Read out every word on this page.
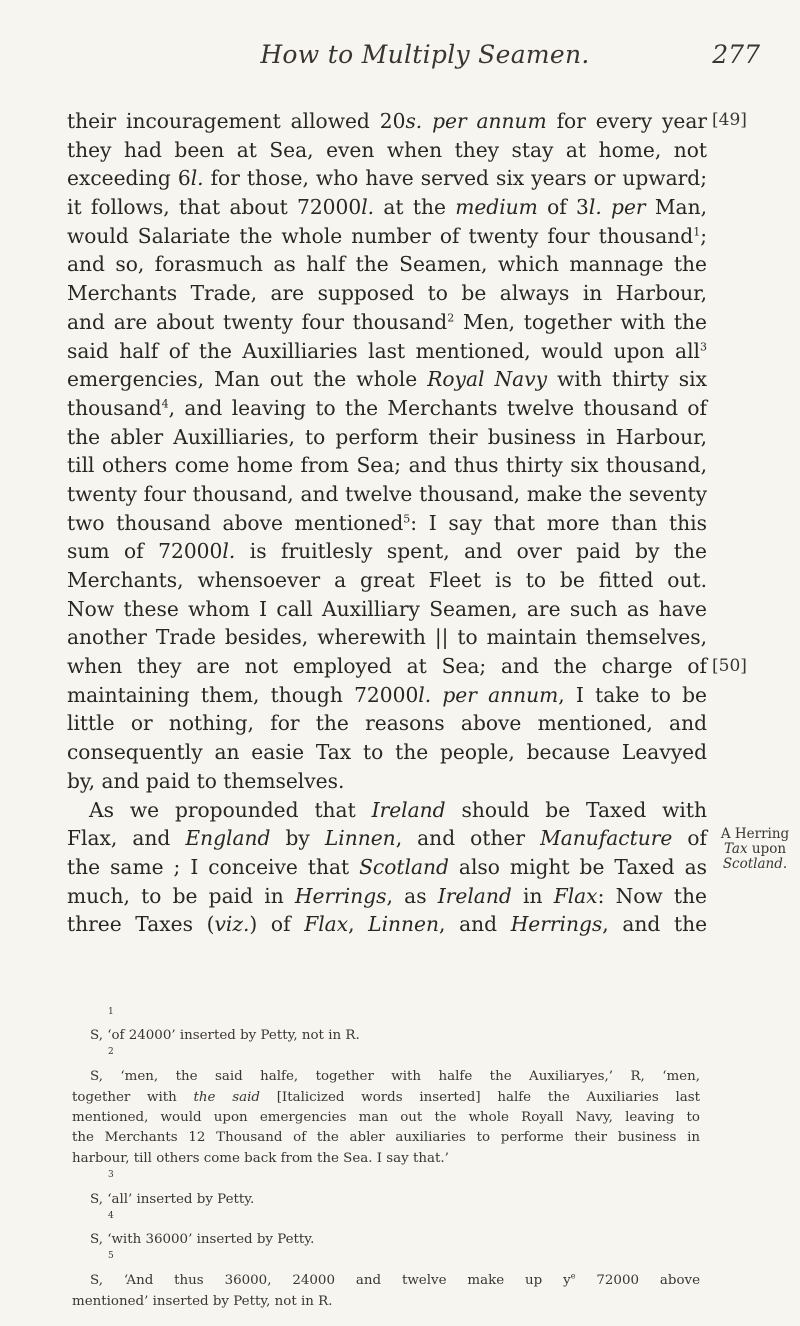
How to Multiply Seamen.	277
their incouragement allowed 20s. per annum for every year
they had been at Sea, even when they stay at home, not
exceeding 6l. for those, who have served six years or upward;
it follows, that about 72000l. at the medium of 3l. per Man,
would Salariate the whole number of twenty four thousand$^1$;
and so, forasmuch as half the Seamen, which mannage the
Merchants Trade, are supposed to be always in Harbour,
and are about twenty four thousand$^2$ Men, together with the
said half of the Auxilliaries last mentioned, would upon all$^3$
emergencies, Man out the whole Royal Navy with thirty six
thousand$^4$, and leaving to the Merchants twelve thousand of
the abler Auxilliaries, to perform their business in Harbour,
till others come home from Sea; and thus thirty six thousand,
twenty four thousand, and twelve thousand, make the seventy
two thousand above mentioned$^5$: I say that more than this
sum of 72000l. is fruitlesly spent, and over paid by the
Merchants, whensoever a great Fleet is to be fitted out.
Now these whom I call Auxilliary Seamen, are such as have
another Trade besides, wherewith || to maintain themselves,
when they are not employed at Sea; and the charge of
maintaining them, though 72000l. per annum, I take to be
little or nothing, for the reasons above mentioned, and
consequently an easie Tax to the people, because Leavyed
by, and paid to themselves.
As we propounded that Ireland should be Taxed with
Flax, and England by Linnen, and other Manufacture of
the same ; I conceive that Scotland also might be Taxed as
much, to be paid in Herrings, as Ireland in Flax: Now the
three Taxes (viz.) of Flax, Linnen, and Herrings, and the
[49]
[50]
A Herring
Tax upon
Scotland.
$^1$
S, ‘of 24000’ inserted by Petty, not in R.
$^2$
S, ‘men, the said halfe, together with halfe the Auxiliaryes,’ R, ‘men,
together with the said [Italicized words inserted] halfe the Auxiliaries last
mentioned, would upon emergencies man out the whole Royall Navy, leaving to
the Merchants 12 Thousand of the abler auxiliaries to performe their business in
harbour, till others come back from the Sea. I say that.’
$^3$
S, ‘all’ inserted by Petty.
$^4$
S, ‘with 36000’ inserted by Petty.
$^5$
S, ‘And thus 36000, 24000 and twelve make up $y^e$ 72000 above
mentioned’ inserted by Petty, not in R.
